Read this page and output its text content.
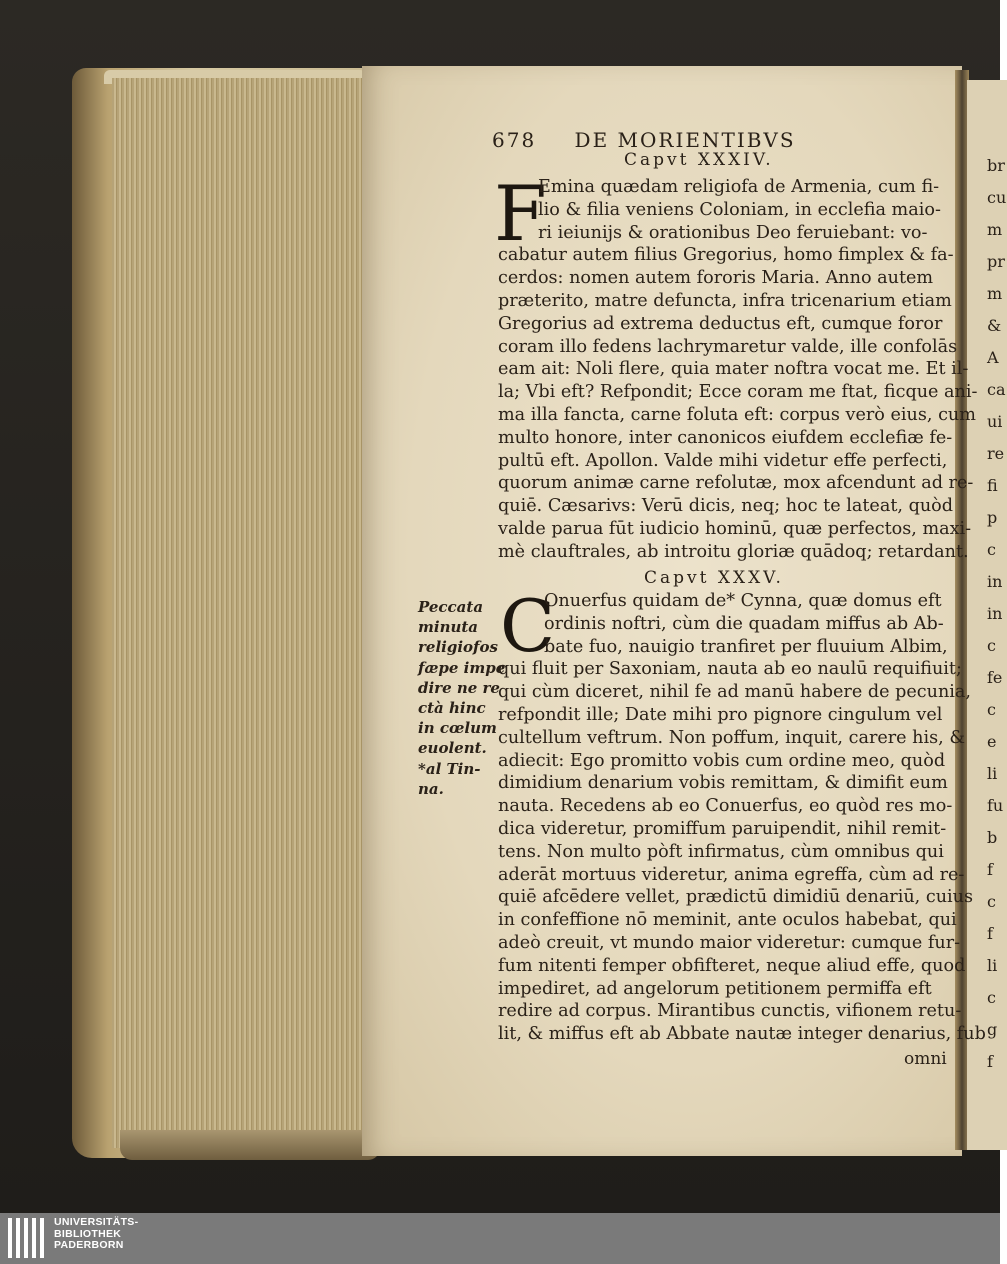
br
cu
m
pr
m
&
A
ca
ui
re
fi
p
c
in
in
c
fe
c
e
li
fu
b
f
c
f
li
c
g
f
678 DE MORIENTIBVS
Capvt XXXIV.
F
Emina quædam religiofa de Armenia, cum fi-
lio & filia veniens Coloniam, in ecclefia maio-
ri ieiunijs & orationibus Deo feruiebant: vo-
cabatur autem filius Gregorius, homo fimplex & fa-
cerdos: nomen autem fororis Maria. Anno autem
præterito, matre defuncta, infra tricenarium etiam
Gregorius ad extrema deductus eft, cumque foror
coram illo fedens lachrymaretur valde, ille confolās
eam ait: Noli flere, quia mater noftra vocat me. Et il-
la; Vbi eft? Refpondit; Ecce coram me ftat, ficque ani-
ma illa fancta, carne foluta eft: corpus verò eius, cum
multo honore, inter canonicos eiufdem ecclefiæ fe-
pultū eft. Apollon. Valde mihi videtur effe perfecti,
quorum animæ carne refolutæ, mox afcendunt ad re-
quiē. Cæsarivs: Verū dicis, neq; hoc te lateat, quòd
valde parua fūt iudicio hominū, quæ perfectos, maxi-
mè clauftrales, ab introitu gloriæ quādoq; retardant.
Capvt XXXV.
C
Onuerfus quidam de* Cynna, quæ domus eft
ordinis noftri, cùm die quadam miffus ab Ab-
bate fuo, nauigio tranfiret per fluuium Albim,
qui fluit per Saxoniam, nauta ab eo naulū requifiuit;
qui cùm diceret, nihil fe ad manū habere de pecunia,
refpondit ille; Date mihi pro pignore cingulum vel
cultellum veftrum. Non poffum, inquit, carere his, &
adiecit: Ego promitto vobis cum ordine meo, quòd
dimidium denarium vobis remittam, & dimifit eum
nauta. Recedens ab eo Conuerfus, eo quòd res mo-
dica videretur, promiffum paruipendit, nihil remit-
tens. Non multo pòft infirmatus, cùm omnibus qui
aderāt mortuus videretur, anima egreffa, cùm ad re-
quiē afcēdere vellet, prædictū dimidiū denariū, cuius
in confeffione nō meminit, ante oculos habebat, qui
adeò creuit, vt mundo maior videretur: cumque fur-
fum nitenti femper obfifteret, neque aliud effe, quod
impediret, ad angelorum petitionem permiffa eft
redire ad corpus. Mirantibus cunctis, vifionem retu-
lit, & miffus eft ab Abbate nautæ integer denarius, fub
omni
Peccata
minuta
religiofos
fæpe impe
dire ne re
ctà hinc
in cœlum
euolent.
*al Tin-
na.
UNIVERSITÄTS-
BIBLIOTHEK
PADERBORN
